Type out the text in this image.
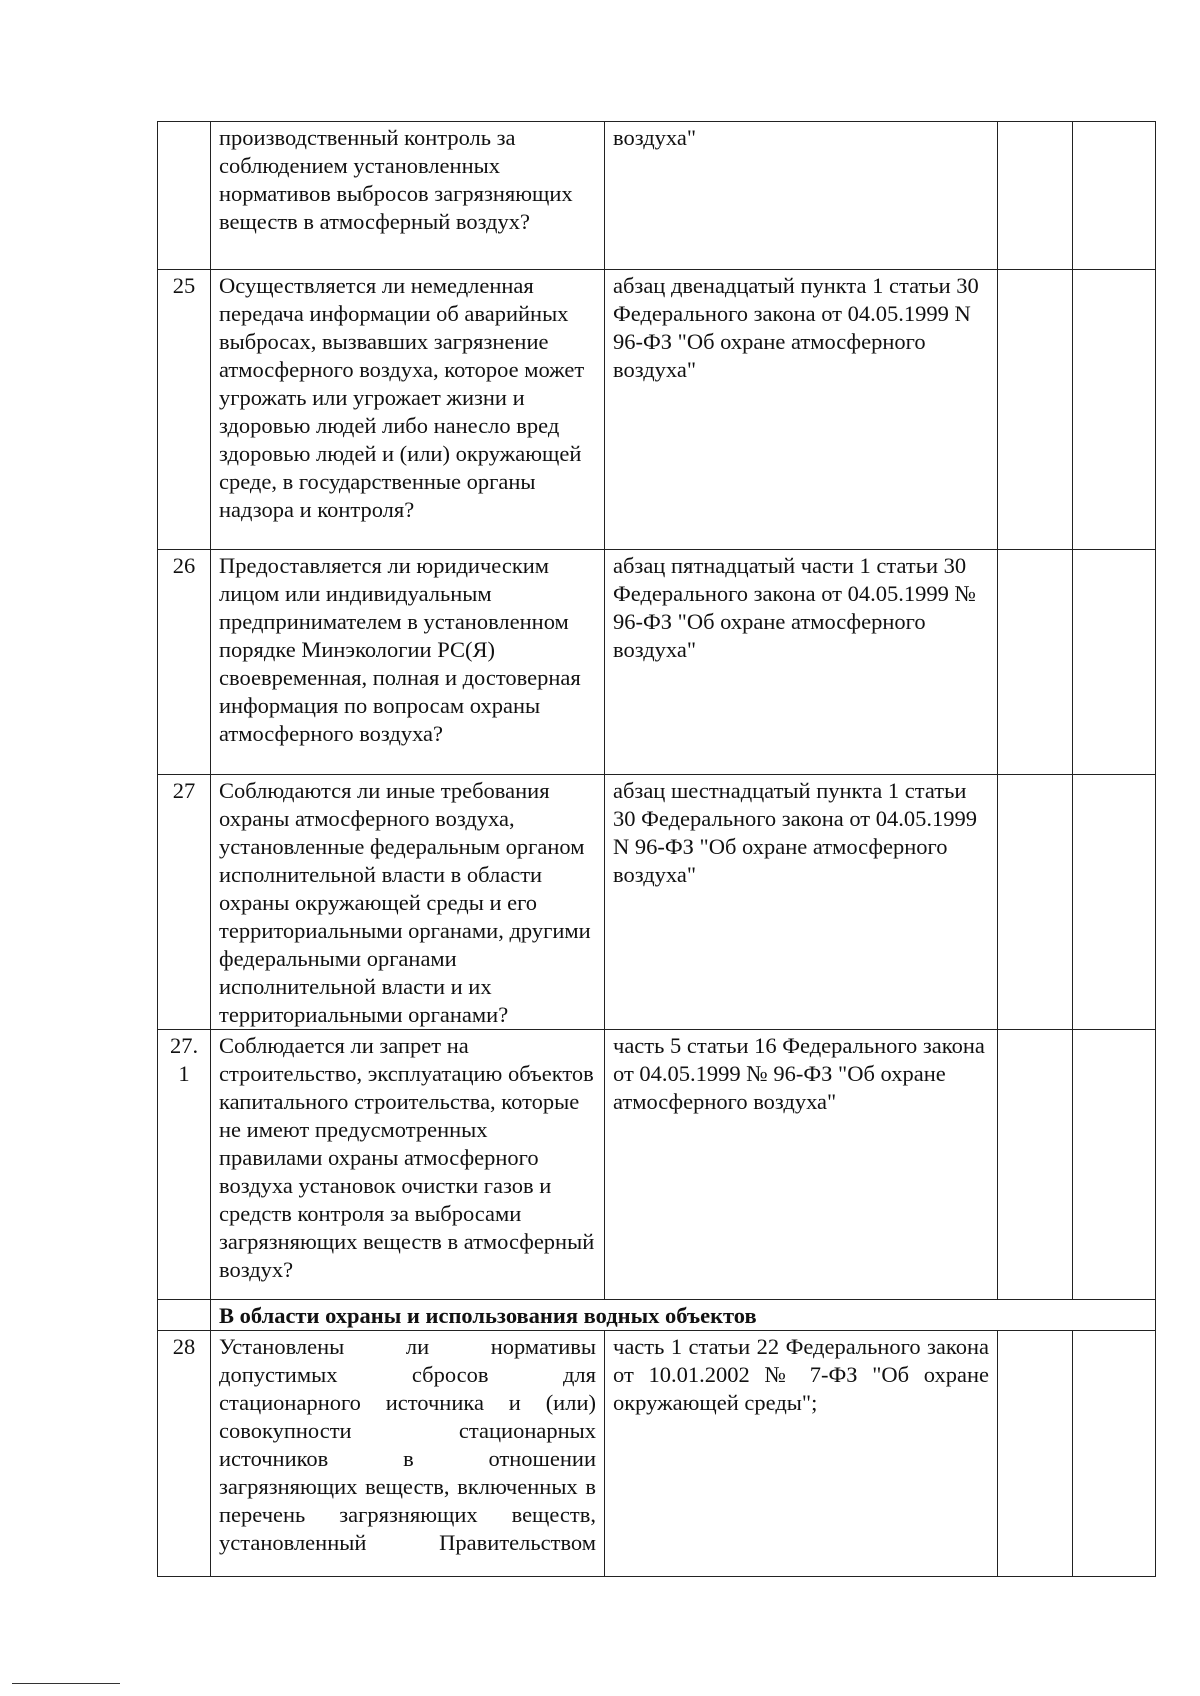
	производственный контроль за соблюдением установленных нормативов выбросов загрязняющих веществ в атмосферный воздух?	воздуха"		
25	Осуществляется ли немедленная передача информации об аварийных выбросах, вызвавших загрязнение атмосферного воздуха, которое может угрожать или угрожает жизни и здоровью людей либо нанесло вред здоровью людей и (или) окружающей среде, в государственные органы надзора и контроля?	абзац двенадцатый пункта 1 статьи 30 Федерального закона от 04.05.1999 N 96-ФЗ "Об охране атмосферного воздуха"		
26	Предоставляется ли юридическим лицом или индивидуальным предпринимателем в установленном порядке Минэкологии РС(Я) своевременная, полная и достоверная информация по вопросам охраны атмосферного воздуха?	абзац пятнадцатый части 1 статьи 30 Федерального закона от 04.05.1999 № 96-ФЗ "Об охране атмосферного воздуха"		
27	Соблюдаются ли иные требования охраны атмосферного воздуха, установленные федеральным органом исполнительной власти в области охраны окружающей среды и его территориальными органами, другими федеральными органами исполнительной власти и их территориальными органами?	абзац шестнадцатый пункта 1 статьи 30 Федерального закона от 04.05.1999 N 96-ФЗ "Об охране атмосферного воздуха"		
27.1	Соблюдается ли запрет на строительство, эксплуатацию объектов капитального строительства, которые не имеют предусмотренных правилами охраны атмосферного воздуха установок очистки газов и средств контроля за выбросами загрязняющих веществ в атмосферный воздух?	часть 5 статьи 16 Федерального закона от 04.05.1999 № 96-ФЗ "Об охране атмосферного воздуха"		
	В области охраны и использования водных объектов			
28	Установлены ли нормативы допустимых сбросов для стационарного источника и (или) совокупности стационарных источников в отношении загрязняющих веществ, включенных в перечень загрязняющих веществ, установленный Правительством	часть 1 статьи 22 Федерального закона от 10.01.2002 № 7-ФЗ "Об охране окружающей среды";		
